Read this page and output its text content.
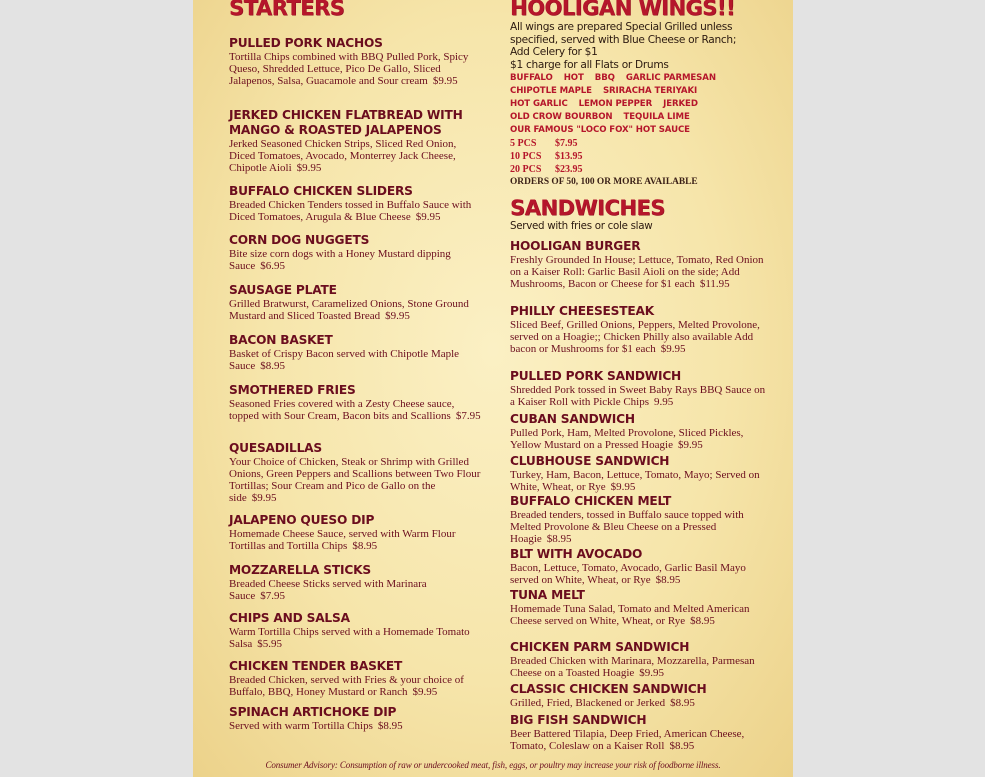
STARTERS
PULLED PORK NACHOS
Tortilla Chips combined with BBQ Pulled Pork, Spicy Queso, Shredded Lettuce, Pico De Gallo, Sliced Jalapenos, Salsa, Guacamole and Sour cream $9.95
JERKED CHICKEN FLATBREAD WITH MANGO & ROASTED JALAPENOS
Jerked Seasoned Chicken Strips, Sliced Red Onion, Diced Tomatoes, Avocado, Monterrey Jack Cheese, Chipotle Aioli $9.95
BUFFALO CHICKEN SLIDERS
Breaded Chicken Tenders tossed in Buffalo Sauce with Diced Tomatoes, Arugula & Blue Cheese $9.95
CORN DOG NUGGETS
Bite size corn dogs with a Honey Mustard dipping Sauce $6.95
SAUSAGE PLATE
Grilled Bratwurst, Caramelized Onions, Stone Ground Mustard and Sliced Toasted Bread $9.95
BACON BASKET
Basket of Crispy Bacon served with Chipotle Maple Sauce $8.95
SMOTHERED FRIES
Seasoned Fries covered with a Zesty Cheese sauce, topped with Sour Cream, Bacon bits and Scallions $7.95
QUESADILLAS
Your Choice of Chicken, Steak or Shrimp with Grilled Onions, Green Peppers and Scallions between Two Flour Tortillas; Sour Cream and Pico de Gallo on the side $9.95
JALAPENO QUESO DIP
Homemade Cheese Sauce, served with Warm Flour Tortillas and Tortilla Chips $8.95
MOZZARELLA STICKS
Breaded Cheese Sticks served with Marinara Sauce $7.95
CHIPS AND SALSA
Warm Tortilla Chips served with a Homemade Tomato Salsa $5.95
CHICKEN TENDER BASKET
Breaded Chicken, served with Fries & your choice of Buffalo, BBQ, Honey Mustard or Ranch $9.95
SPINACH ARTICHOKE DIP
Served with warm Tortilla Chips $8.95
HOOLIGAN WINGS!!
All wings are prepared Special Grilled unless specified, served with Blue Cheese or Ranch; Add Celery for $1
$1 charge for all Flats or Drums
BUFFALO HOT BBQ GARLIC PARMESAN
CHIPOTLE MAPLE SRIRACHA TERIYAKI
HOT GARLIC LEMON PEPPER JERKED
OLD CROW BOURBON TEQUILA LIME
OUR FAMOUS "LOCO FOX" HOT SAUCE
5 PCS $7.95
10 PCS $13.95
20 PCS $23.95
ORDERS OF 50, 100 OR MORE AVAILABLE
SANDWICHES
Served with fries or cole slaw
HOOLIGAN BURGER
Freshly Grounded In House; Lettuce, Tomato, Red Onion on a Kaiser Roll: Garlic Basil Aioli on the side; Add Mushrooms, Bacon or Cheese for $1 each $11.95
PHILLY CHEESESTEAK
Sliced Beef, Grilled Onions, Peppers, Melted Provolone, served on a Hoagie;; Chicken Philly also available Add bacon or Mushrooms for $1 each $9.95
PULLED PORK SANDWICH
Shredded Pork tossed in Sweet Baby Rays BBQ Sauce on a Kaiser Roll with Pickle Chips 9.95
CUBAN SANDWICH
Pulled Pork, Ham, Melted Provolone, Sliced Pickles, Yellow Mustard on a Pressed Hoagie $9.95
CLUBHOUSE SANDWICH
Turkey, Ham, Bacon, Lettuce, Tomato, Mayo; Served on White, Wheat, or Rye $9.95
BUFFALO CHICKEN MELT
Breaded tenders, tossed in Buffalo sauce topped with Melted Provolone & Bleu Cheese on a Pressed Hoagie $8.95
BLT WITH AVOCADO
Bacon, Lettuce, Tomato, Avocado, Garlic Basil Mayo served on White, Wheat, or Rye $8.95
TUNA MELT
Homemade Tuna Salad, Tomato and Melted American Cheese served on White, Wheat, or Rye $8.95
CHICKEN PARM SANDWICH
Breaded Chicken with Marinara, Mozzarella, Parmesan Cheese on a Toasted Hoagie $9.95
CLASSIC CHICKEN SANDWICH
Grilled, Fried, Blackened or Jerked $8.95
BIG FISH SANDWICH
Beer Battered Tilapia, Deep Fried, American Cheese, Tomato, Coleslaw on a Kaiser Roll $8.95
Consumer Advisory: Consumption of raw or undercooked meat, fish, eggs, or poultry may increase your risk of foodborne illness.
